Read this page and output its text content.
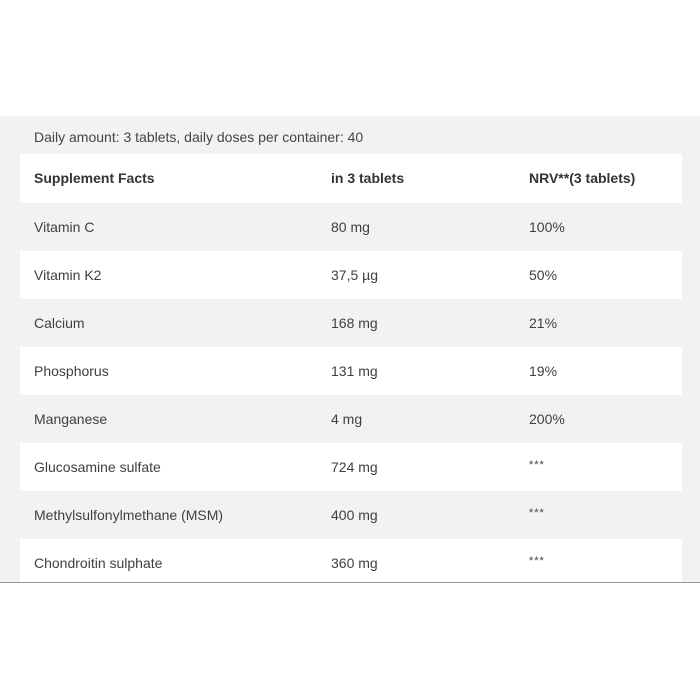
Daily amount: 3 tablets, daily doses per container: 40
Supplement Facts	in 3 tablets	NRV**(3 tablets)
Vitamin C	80 mg	100%
Vitamin K2	37,5 µg	50%
Calcium	168 mg	21%
Phosphorus	131 mg	19%
Manganese	4 mg	200%
Glucosamine sulfate	724 mg	***
Methylsulfonylmethane (MSM)	400 mg	***
Chondroitin sulphate	360 mg	***
